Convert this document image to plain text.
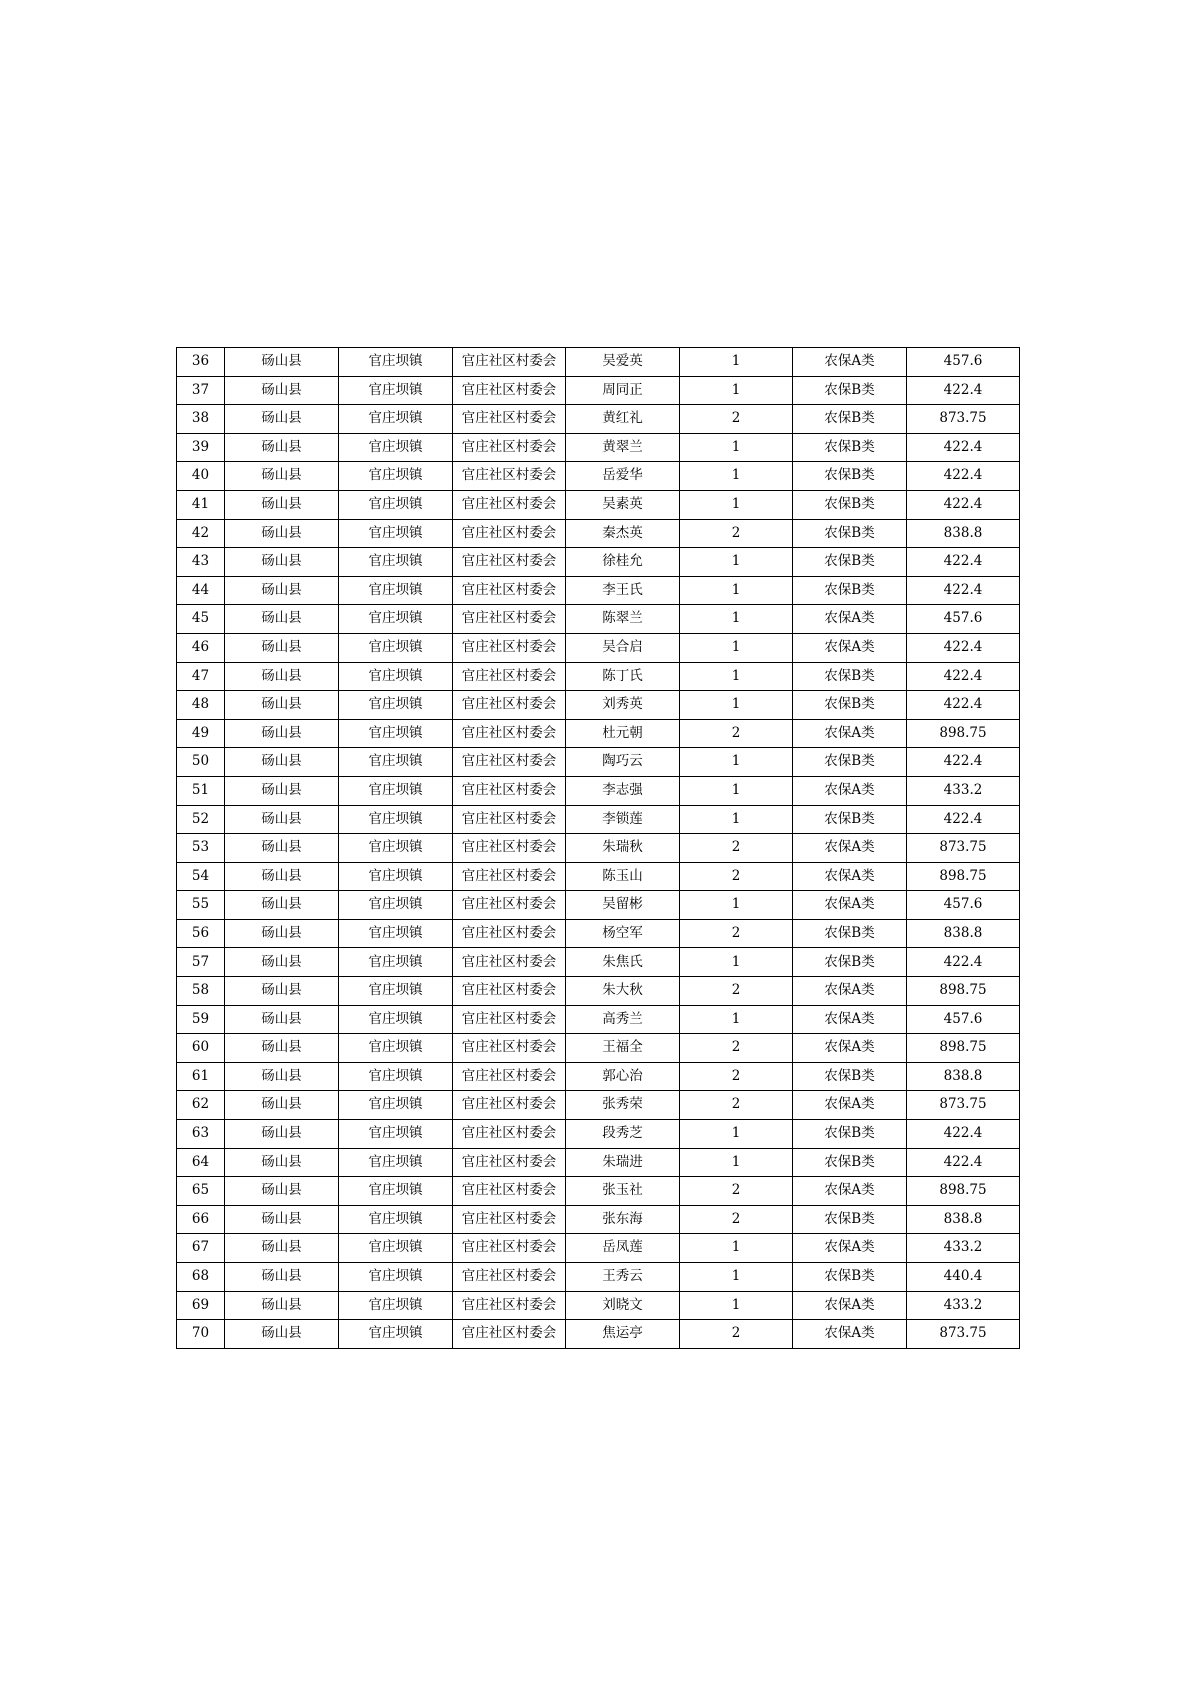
36	砀山县	官庄坝镇	官庄社区村委会	吴爱英	1	农保A类	457.6
37	砀山县	官庄坝镇	官庄社区村委会	周同正	1	农保B类	422.4
38	砀山县	官庄坝镇	官庄社区村委会	黄红礼	2	农保B类	873.75
39	砀山县	官庄坝镇	官庄社区村委会	黄翠兰	1	农保B类	422.4
40	砀山县	官庄坝镇	官庄社区村委会	岳爱华	1	农保B类	422.4
41	砀山县	官庄坝镇	官庄社区村委会	吴素英	1	农保B类	422.4
42	砀山县	官庄坝镇	官庄社区村委会	秦杰英	2	农保B类	838.8
43	砀山县	官庄坝镇	官庄社区村委会	徐桂允	1	农保B类	422.4
44	砀山县	官庄坝镇	官庄社区村委会	李王氏	1	农保B类	422.4
45	砀山县	官庄坝镇	官庄社区村委会	陈翠兰	1	农保A类	457.6
46	砀山县	官庄坝镇	官庄社区村委会	吴合启	1	农保A类	422.4
47	砀山县	官庄坝镇	官庄社区村委会	陈丁氏	1	农保B类	422.4
48	砀山县	官庄坝镇	官庄社区村委会	刘秀英	1	农保B类	422.4
49	砀山县	官庄坝镇	官庄社区村委会	杜元朝	2	农保A类	898.75
50	砀山县	官庄坝镇	官庄社区村委会	陶巧云	1	农保B类	422.4
51	砀山县	官庄坝镇	官庄社区村委会	李志强	1	农保A类	433.2
52	砀山县	官庄坝镇	官庄社区村委会	李锁莲	1	农保B类	422.4
53	砀山县	官庄坝镇	官庄社区村委会	朱瑞秋	2	农保A类	873.75
54	砀山县	官庄坝镇	官庄社区村委会	陈玉山	2	农保A类	898.75
55	砀山县	官庄坝镇	官庄社区村委会	吴留彬	1	农保A类	457.6
56	砀山县	官庄坝镇	官庄社区村委会	杨空军	2	农保B类	838.8
57	砀山县	官庄坝镇	官庄社区村委会	朱焦氏	1	农保B类	422.4
58	砀山县	官庄坝镇	官庄社区村委会	朱大秋	2	农保A类	898.75
59	砀山县	官庄坝镇	官庄社区村委会	高秀兰	1	农保A类	457.6
60	砀山县	官庄坝镇	官庄社区村委会	王福全	2	农保A类	898.75
61	砀山县	官庄坝镇	官庄社区村委会	郭心治	2	农保B类	838.8
62	砀山县	官庄坝镇	官庄社区村委会	张秀荣	2	农保A类	873.75
63	砀山县	官庄坝镇	官庄社区村委会	段秀芝	1	农保B类	422.4
64	砀山县	官庄坝镇	官庄社区村委会	朱瑞进	1	农保B类	422.4
65	砀山县	官庄坝镇	官庄社区村委会	张玉社	2	农保A类	898.75
66	砀山县	官庄坝镇	官庄社区村委会	张东海	2	农保B类	838.8
67	砀山县	官庄坝镇	官庄社区村委会	岳凤莲	1	农保A类	433.2
68	砀山县	官庄坝镇	官庄社区村委会	王秀云	1	农保B类	440.4
69	砀山县	官庄坝镇	官庄社区村委会	刘晓文	1	农保A类	433.2
70	砀山县	官庄坝镇	官庄社区村委会	焦运亭	2	农保A类	873.75
